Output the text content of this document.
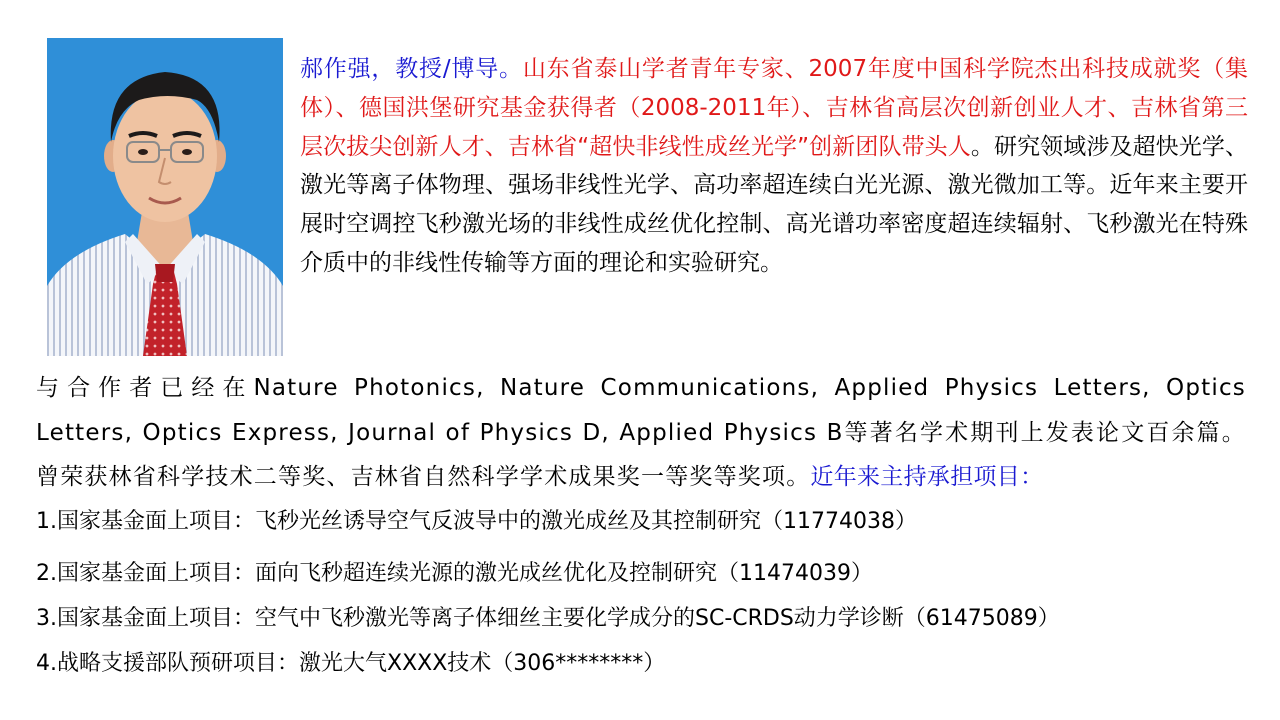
郝作强，教授/博导。山东省泰山学者青年专家、2007年度中国科学院杰出科技成就奖（集体）、德国洪堡研究基金获得者（2008-2011年）、吉林省高层次创新创业人才、吉林省第三层次拔尖创新人才、吉林省“超快非线性成丝光学”创新团队带头人。研究领域涉及超快光学、激光等离子体物理、强场非线性光学、高功率超连续白光光源、激光微加工等。近年来主要开展时空调控飞秒激光场的非线性成丝优化控制、高光谱功率密度超连续辐射、飞秒激光在特殊介质中的非线性传输等方面的理论和实验研究。

与合作者已经在Nature Photonics, Nature Communications, Applied Physics Letters, Optics Letters, Optics Express, Journal of Physics D, Applied Physics B等著名学术期刊上发表论文百余篇。曾荣获林省科学技术二等奖、吉林省自然科学学术成果奖一等奖等奖项。近年来主持承担项目：

1.国家基金面上项目：飞秒光丝诱导空气反波导中的激光成丝及其控制研究（11774038）

2.国家基金面上项目：面向飞秒超连续光源的激光成丝优化及控制研究（11474039）

3.国家基金面上项目：空气中飞秒激光等离子体细丝主要化学成分的SC-CRDS动力学诊断（61475089）

4.战略支援部队预研项目：激光大气XXXX技术（306********）
